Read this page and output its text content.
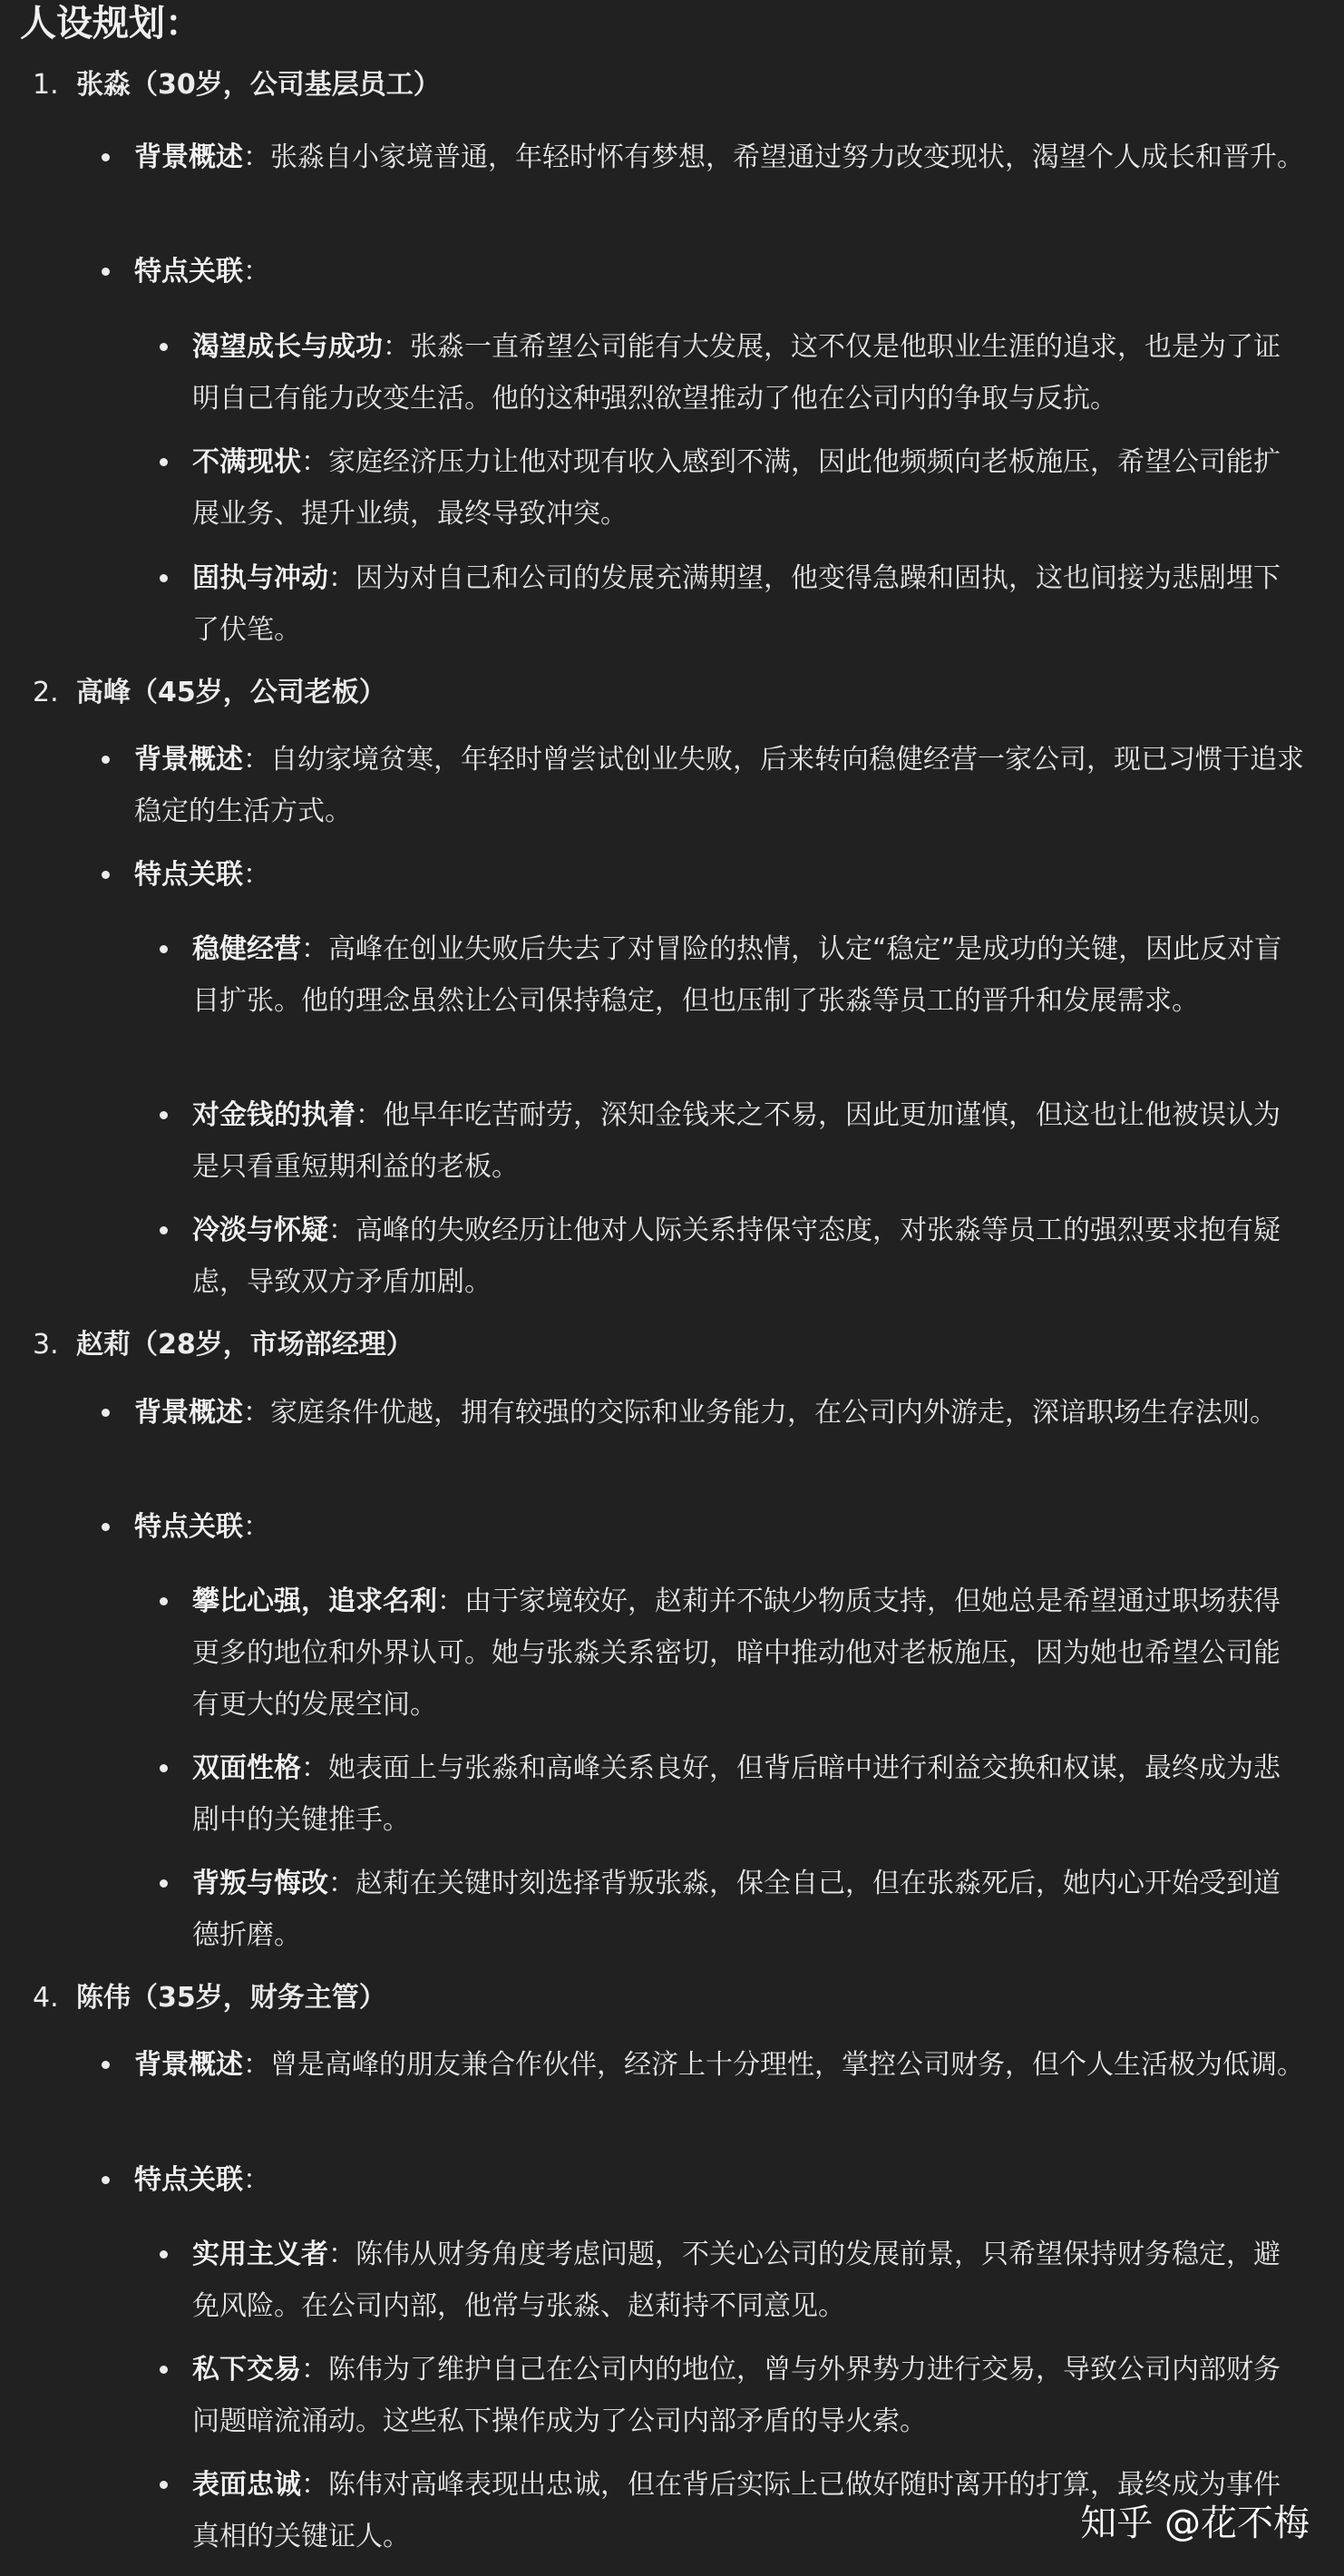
人设规划：
1. 张淼（30岁，公司基层员工）
背景概述：张淼自小家境普通，年轻时怀有梦想，希望通过努力改变现状，渴望个人成长和晋升。
特点关联：
渴望成长与成功：张淼一直希望公司能有大发展，这不仅是他职业生涯的追求，也是为了证明自己有能力改变生活。他的这种强烈欲望推动了他在公司内的争取与反抗。
不满现状：家庭经济压力让他对现有收入感到不满，因此他频频向老板施压，希望公司能扩展业务、提升业绩，最终导致冲突。
固执与冲动：因为对自己和公司的发展充满期望，他变得急躁和固执，这也间接为悲剧埋下了伏笔。
2. 高峰（45岁，公司老板）
背景概述：自幼家境贫寒，年轻时曾尝试创业失败，后来转向稳健经营一家公司，现已习惯于追求稳定的生活方式。
特点关联：
稳健经营：高峰在创业失败后失去了对冒险的热情，认定“稳定”是成功的关键，因此反对盲目扩张。他的理念虽然让公司保持稳定，但也压制了张淼等员工的晋升和发展需求。
对金钱的执着：他早年吃苦耐劳，深知金钱来之不易，因此更加谨慎，但这也让他被误认为是只看重短期利益的老板。
冷淡与怀疑：高峰的失败经历让他对人际关系持保守态度，对张淼等员工的强烈要求抱有疑虑，导致双方矛盾加剧。
3. 赵莉（28岁，市场部经理）
背景概述：家庭条件优越，拥有较强的交际和业务能力，在公司内外游走，深谙职场生存法则。
特点关联：
攀比心强，追求名利：由于家境较好，赵莉并不缺少物质支持，但她总是希望通过职场获得更多的地位和外界认可。她与张淼关系密切，暗中推动他对老板施压，因为她也希望公司能有更大的发展空间。
双面性格：她表面上与张淼和高峰关系良好，但背后暗中进行利益交换和权谋，最终成为悲剧中的关键推手。
背叛与悔改：赵莉在关键时刻选择背叛张淼，保全自己，但在张淼死后，她内心开始受到道德折磨。
4. 陈伟（35岁，财务主管）
背景概述：曾是高峰的朋友兼合作伙伴，经济上十分理性，掌控公司财务，但个人生活极为低调。
特点关联：
实用主义者：陈伟从财务角度考虑问题，不关心公司的发展前景，只希望保持财务稳定，避免风险。在公司内部，他常与张淼、赵莉持不同意见。
私下交易：陈伟为了维护自己在公司内的地位，曾与外界势力进行交易，导致公司内部财务问题暗流涌动。这些私下操作成为了公司内部矛盾的导火索。
表面忠诚：陈伟对高峰表现出忠诚，但在背后实际上已做好随时离开的打算，最终成为事件真相的关键证人。	知乎 @花不梅
